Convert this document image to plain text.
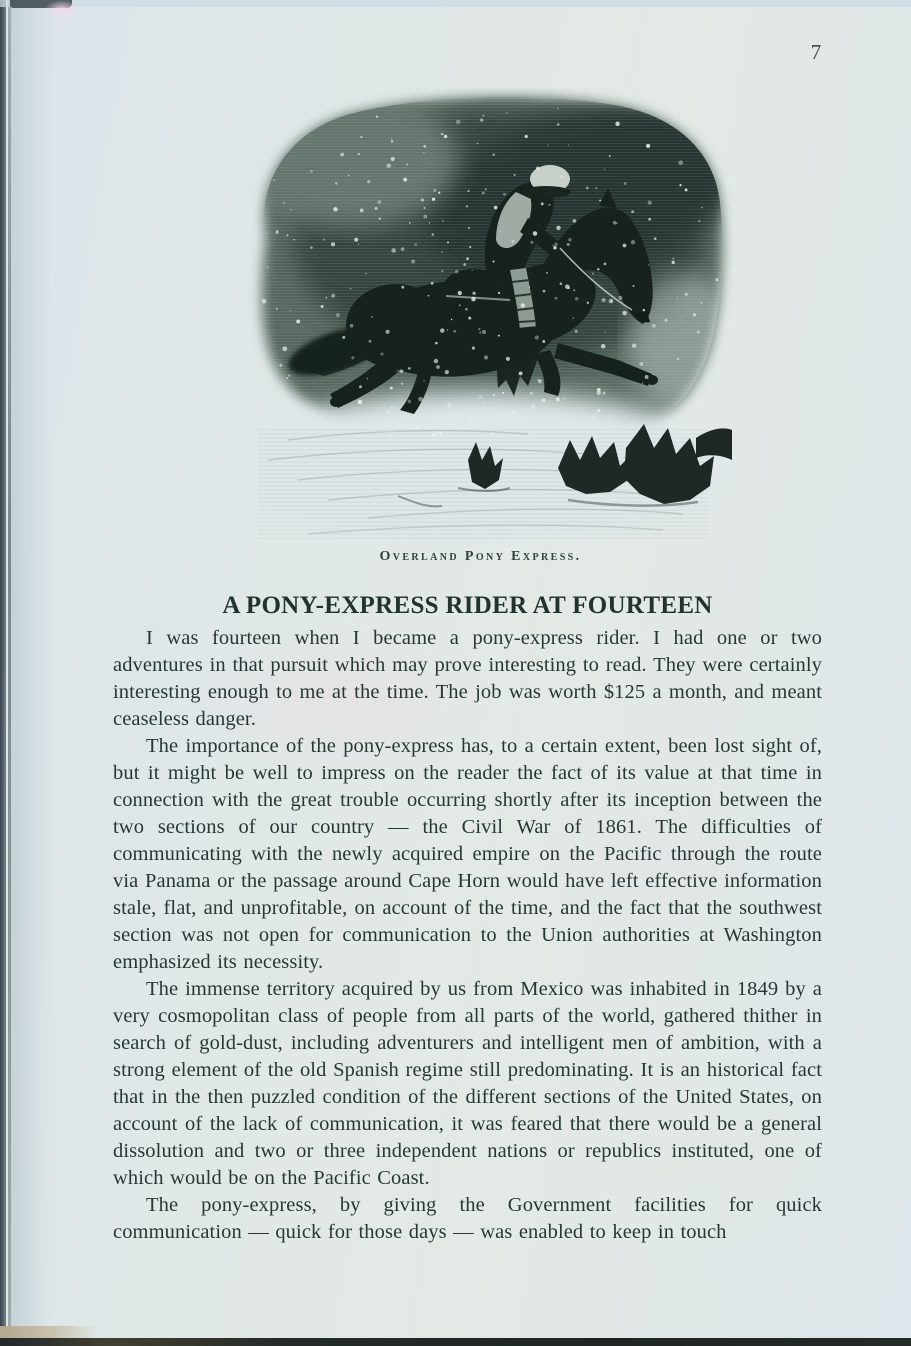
7
Overland Pony Express.
A PONY-EXPRESS RIDER AT FOURTEEN

I was fourteen when I became a pony-express rider. I had one or two adventures in that pursuit which may prove interesting to read. They were certainly interesting enough to me at the time. The job was worth $125 a month, and meant ceaseless danger.

The importance of the pony-express has, to a certain extent, been lost sight of, but it might be well to impress on the reader the fact of its value at that time in connection with the great trouble occurring shortly after its inception between the two sections of our country — the Civil War of 1861. The difficulties of communicating with the newly acquired empire on the Pacific through the route via Panama or the passage around Cape Horn would have left effective information stale, flat, and unprofitable, on account of the time, and the fact that the southwest section was not open for communication to the Union authorities at Washington emphasized its necessity.

The immense territory acquired by us from Mexico was inhabited in 1849 by a very cosmopolitan class of people from all parts of the world, gathered thither in search of gold-dust, including adventurers and intelligent men of ambition, with a strong element of the old Spanish regime still predominating. It is an historical fact that in the then puzzled condition of the different sections of the United States, on account of the lack of communication, it was feared that there would be a general dissolution and two or three independent nations or republics instituted, one of which would be on the Pacific Coast.

The pony-express, by giving the Government facilities for quick communication — quick for those days — was enabled to keep in touch
